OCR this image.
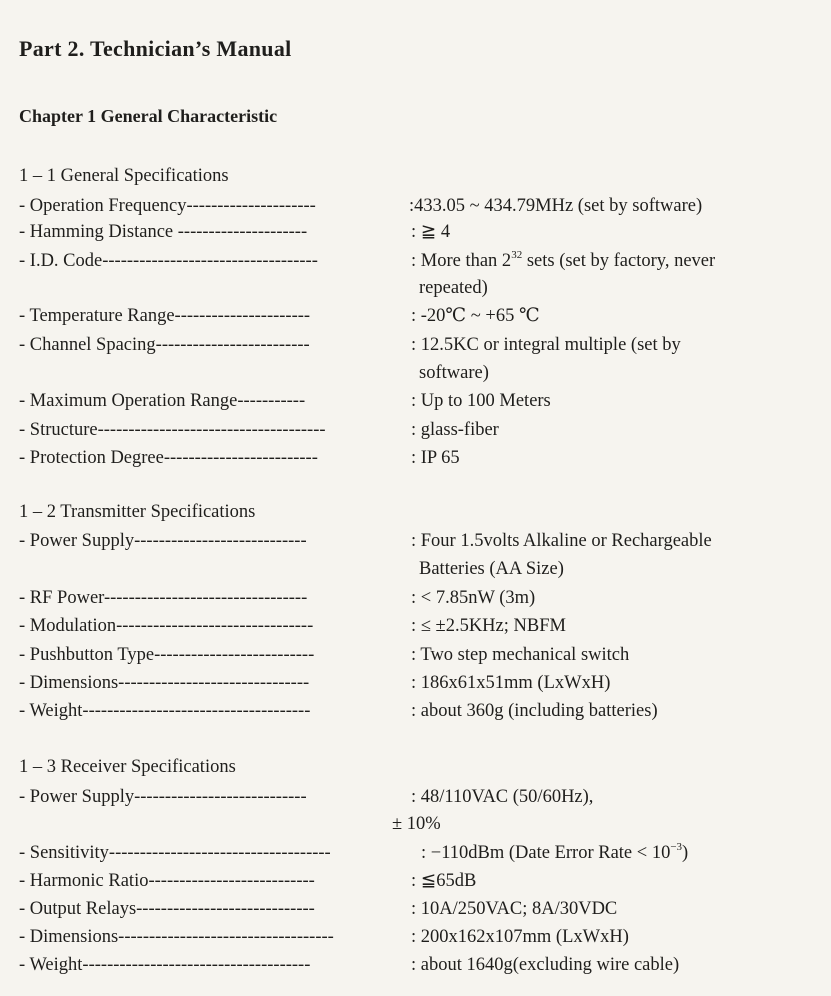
Part 2. Technician’s Manual
Chapter 1 General Characteristic
1 – 1 General Specifications
- Operation Frequency---------------------	:433.05 ~ 434.79MHz (set by software)
- Hamming Distance ---------------------	: ≧ 4
- I.D. Code-----------------------------------	: More than $2^{32}$ sets (set by factory, never
repeated)
- Temperature Range----------------------	: -20℃ ~ +65 ℃
- Channel Spacing-------------------------	: 12.5KC or integral multiple (set by
software)
- Maximum Operation Range-----------	: Up to 100 Meters
- Structure-------------------------------------	: glass-fiber
- Protection Degree-------------------------	: IP 65
1 – 2 Transmitter Specifications
- Power Supply----------------------------	: Four 1.5volts Alkaline or Rechargeable
Batteries (AA Size)
- RF Power---------------------------------	: < 7.85nW (3m)
- Modulation--------------------------------	: ≤ ±2.5KHz; NBFM
- Pushbutton Type--------------------------	: Two step mechanical switch
- Dimensions-------------------------------	: 186x61x51mm (LxWxH)
- Weight-------------------------------------	: about 360g (including batteries)
1 – 3 Receiver Specifications
- Power Supply----------------------------	: 48/110VAC (50/60Hz),
± 10%
- Sensitivity------------------------------------	: −110dBm (Date Error Rate < $10^{-3}$)
- Harmonic Ratio---------------------------	: ≦65dB
- Output Relays-----------------------------	: 10A/250VAC; 8A/30VDC
- Dimensions-----------------------------------	: 200x162x107mm (LxWxH)
- Weight-------------------------------------	: about 1640g(excluding wire cable)
